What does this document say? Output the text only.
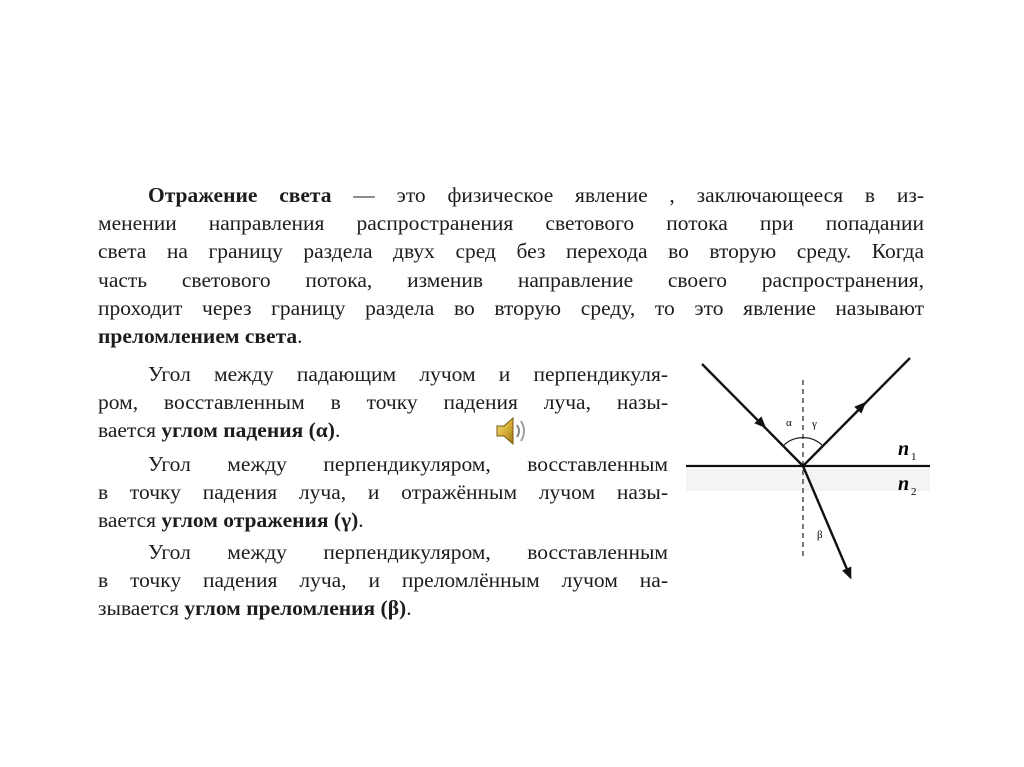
Отражение света — это физическое явление , заключающееся в из-
менении направления распространения светового потока при попадании
света на границу раздела двух сред без перехода во вторую среду. Когда
часть светового потока, изменив направление своего распространения,
проходит через границу раздела во вторую среду, то это явление называют
преломлением света.
Угол между падающим лучом и перпендикуля-
ром, восставленным в точку падения луча, назы-
вается углом падения (α).
Угол между перпендикуляром, восставленным
в точку падения луча, и отражённым лучом назы-
вается углом отражения (γ).
Угол между перпендикуляром, восставленным
в точку падения луча, и преломлённым лучом на-
зывается углом преломления (β).
α γ
β
n 1
n 2
